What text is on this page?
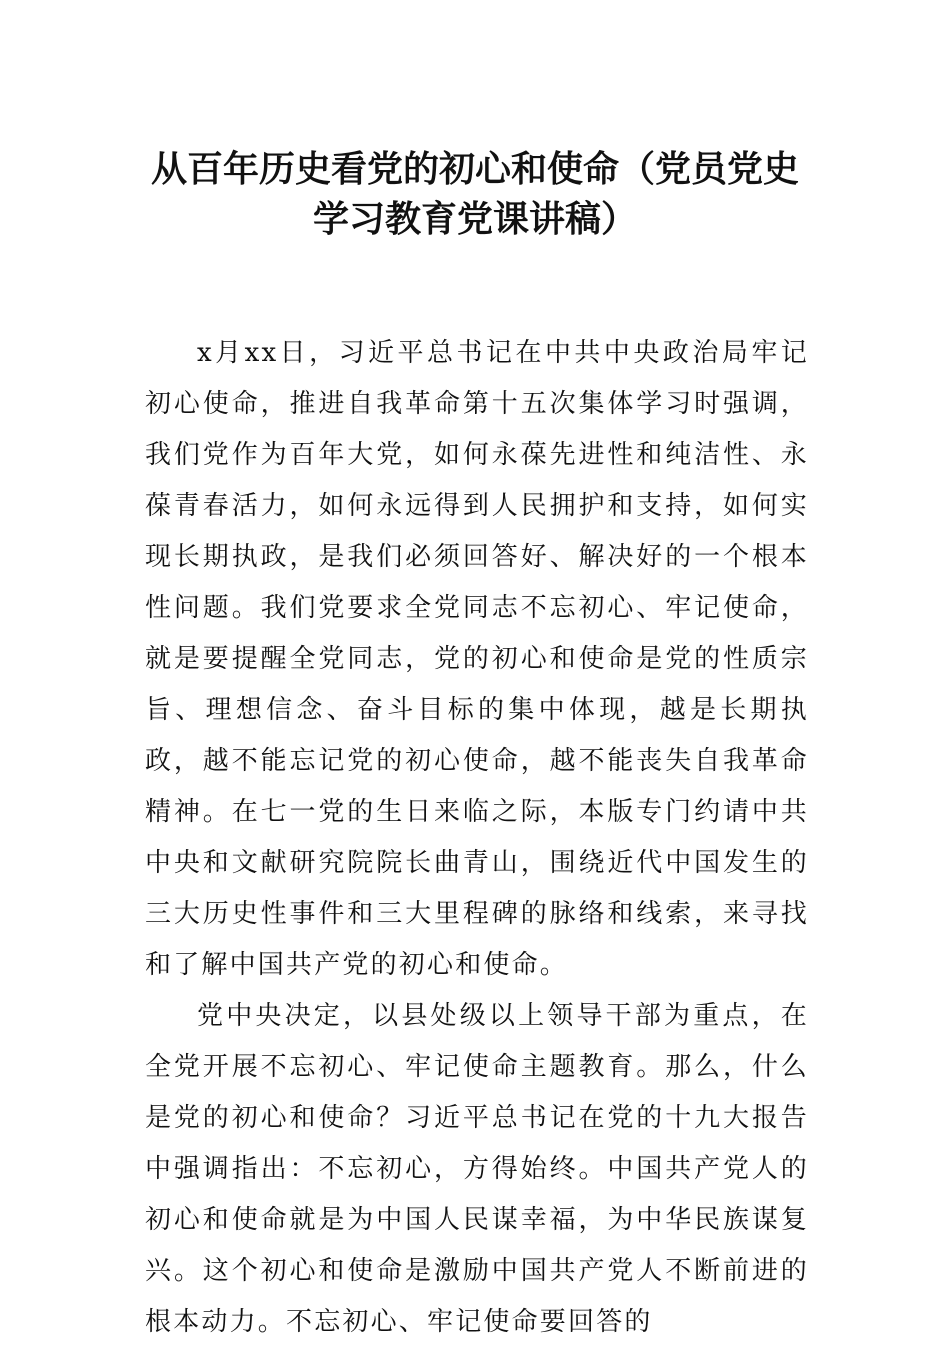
从百年历史看党的初心和使命（党员党史
学习教育党课讲稿）

x月xx日，习近平总书记在中共中央政治局牢记初心使命，推进自我革命第十五次集体学习时强调，我们党作为百年大党，如何永葆先进性和纯洁性、永葆青春活力，如何永远得到人民拥护和支持，如何实现长期执政，是我们必须回答好、解决好的一个根本性问题。我们党要求全党同志不忘初心、牢记使命，就是要提醒全党同志，党的初心和使命是党的性质宗旨、理想信念、奋斗目标的集中体现，越是长期执政，越不能忘记党的初心使命，越不能丧失自我革命精神。在七一党的生日来临之际，本版专门约请中共中央和文献研究院院长曲青山，围绕近代中国发生的三大历史性事件和三大里程碑的脉络和线索，来寻找和了解中国共产党的初心和使命。

党中央决定，以县处级以上领导干部为重点，在全党开展不忘初心、牢记使命主题教育。那么，什么是党的初心和使命？习近平总书记在党的十九大报告中强调指出：不忘初心，方得始终。中国共产党人的初心和使命就是为中国人民谋幸福，为中华民族谋复兴。这个初心和使命是激励中国共产党人不断前进的根本动力。不忘初心、牢记使命要回答的
